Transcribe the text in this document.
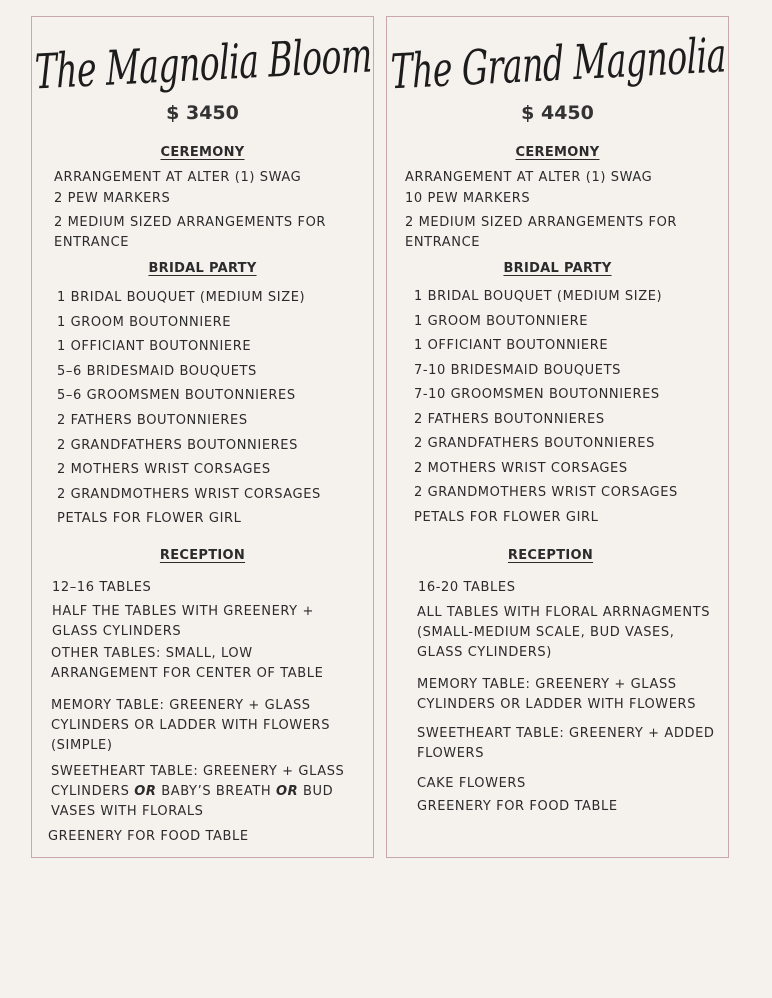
The Magnolia Bloom
$ 3450
CEREMONY
ARRANGEMENT AT ALTER (1) SWAG
2 PEW MARKERS
2 MEDIUM SIZED ARRANGEMENTS FOR
ENTRANCE
BRIDAL PARTY
1 BRIDAL BOUQUET (MEDIUM SIZE)
1 GROOM BOUTONNIERE
1 OFFICIANT BOUTONNIERE
5–6 BRIDESMAID BOUQUETS
5–6 GROOMSMEN BOUTONNIERES
2 FATHERS BOUTONNIERES
2 GRANDFATHERS BOUTONNIERES
2 MOTHERS WRIST CORSAGES
2 GRANDMOTHERS WRIST CORSAGES
PETALS FOR FLOWER GIRL
RECEPTION
12–16 TABLES
HALF THE TABLES WITH GREENERY +
GLASS CYLINDERS
OTHER TABLES: SMALL, LOW
ARRANGEMENT FOR CENTER OF TABLE
MEMORY TABLE: GREENERY + GLASS
CYLINDERS OR LADDER WITH FLOWERS
(SIMPLE)
SWEETHEART TABLE: GREENERY + GLASS
CYLINDERS OR BABY’S BREATH OR BUD
VASES WITH FLORALS
GREENERY FOR FOOD TABLE
The Grand Magnolia
$ 4450
CEREMONY
ARRANGEMENT AT ALTER (1) SWAG
10 PEW MARKERS
2 MEDIUM SIZED ARRANGEMENTS FOR
ENTRANCE
BRIDAL PARTY
1 BRIDAL BOUQUET (MEDIUM SIZE)
1 GROOM BOUTONNIERE
1 OFFICIANT BOUTONNIERE
7-10 BRIDESMAID BOUQUETS
7-10 GROOMSMEN BOUTONNIERES
2 FATHERS BOUTONNIERES
2 GRANDFATHERS BOUTONNIERES
2 MOTHERS WRIST CORSAGES
2 GRANDMOTHERS WRIST CORSAGES
PETALS FOR FLOWER GIRL
RECEPTION
16-20 TABLES
ALL TABLES WITH FLORAL ARRNAGMENTS
(SMALL-MEDIUM SCALE, BUD VASES,
GLASS CYLINDERS)
MEMORY TABLE: GREENERY + GLASS
CYLINDERS OR LADDER WITH FLOWERS
SWEETHEART TABLE: GREENERY + ADDED
FLOWERS
CAKE FLOWERS
GREENERY FOR FOOD TABLE
